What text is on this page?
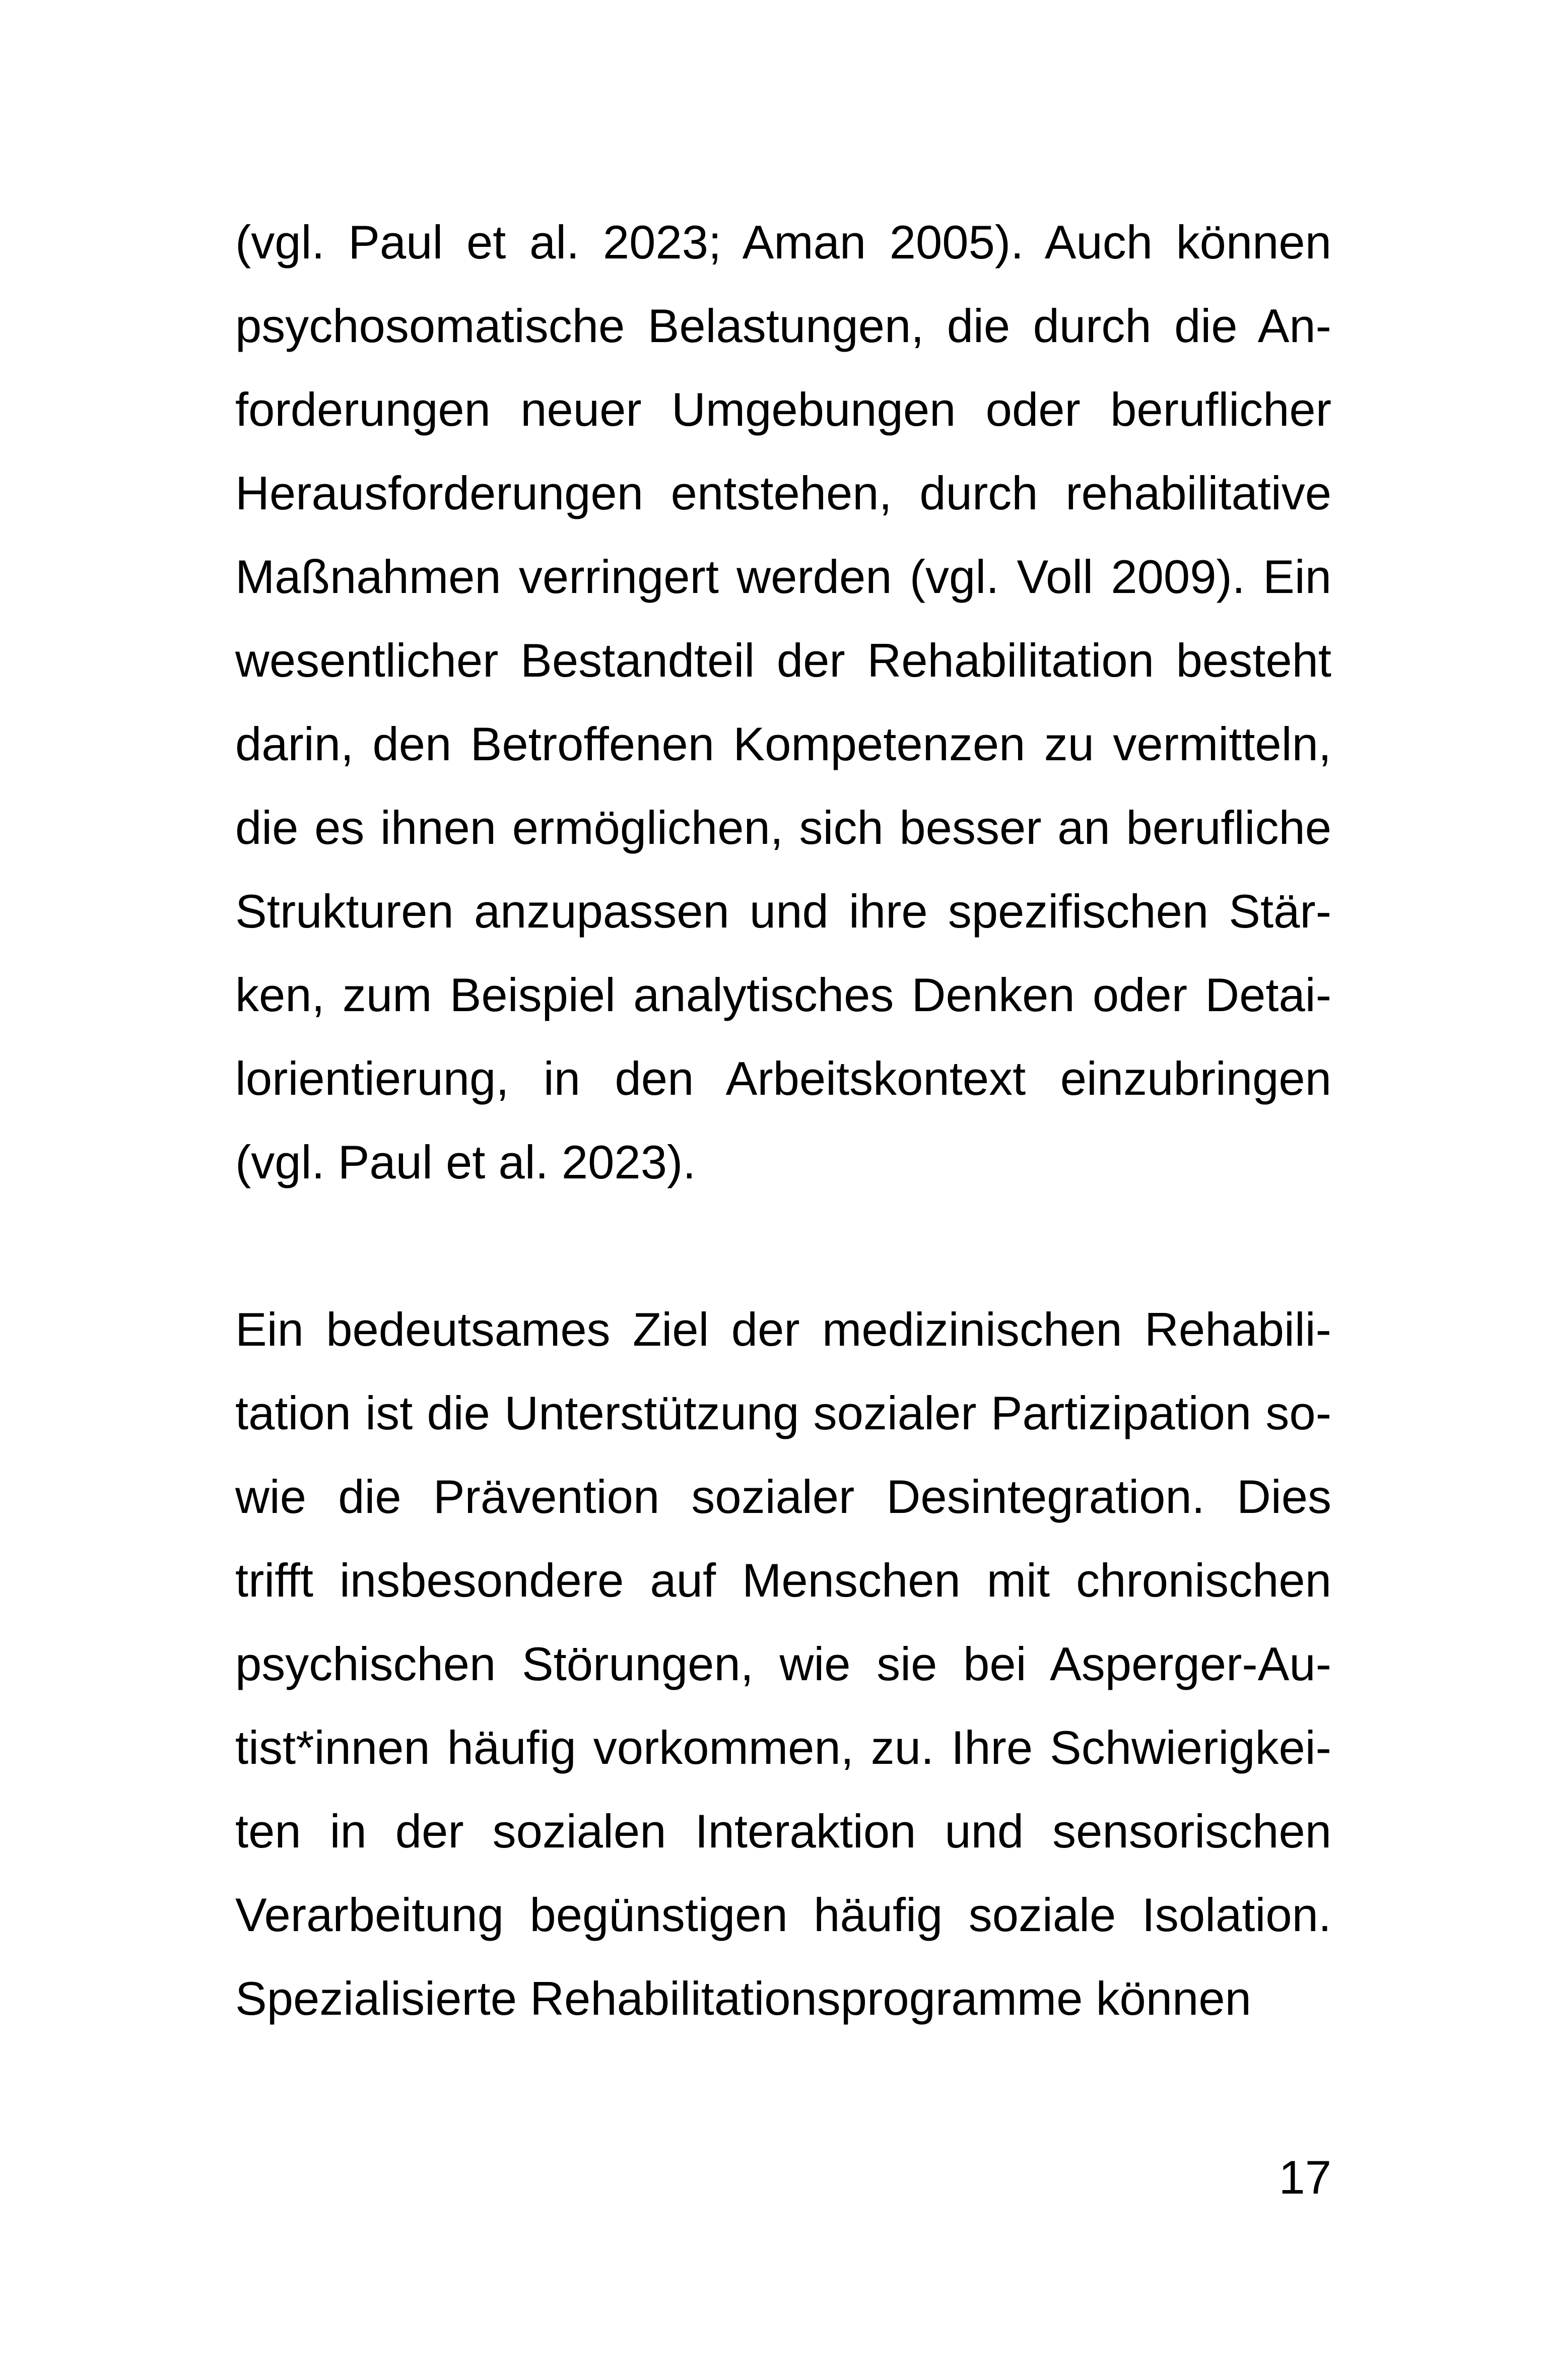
(vgl. Paul et al. 2023; Aman 2005). Auch können
psychosomatische Belastungen, die durch die An-
forderungen neuer Umgebungen oder beruflicher
Herausforderungen entstehen, durch rehabilitative
Maßnahmen verringert werden (vgl. Voll 2009). Ein
wesentlicher Bestandteil der Rehabilitation besteht
darin, den Betroffenen Kompetenzen zu vermitteln,
die es ihnen ermöglichen, sich besser an berufliche
Strukturen anzupassen und ihre spezifischen Stär-
ken, zum Beispiel analytisches Denken oder Detai-
lorientierung, in den Arbeitskontext einzubringen
(vgl. Paul et al. 2023).
Ein bedeutsames Ziel der medizinischen Rehabili-
tation ist die Unterstützung sozialer Partizipation so-
wie die Prävention sozialer Desintegration. Dies
trifft insbesondere auf Menschen mit chronischen
psychischen Störungen, wie sie bei Asperger-Au-
tist*innen häufig vorkommen, zu. Ihre Schwierigkei-
ten in der sozialen Interaktion und sensorischen
Verarbeitung begünstigen häufig soziale Isolation.
Spezialisierte Rehabilitationsprogramme können
17
